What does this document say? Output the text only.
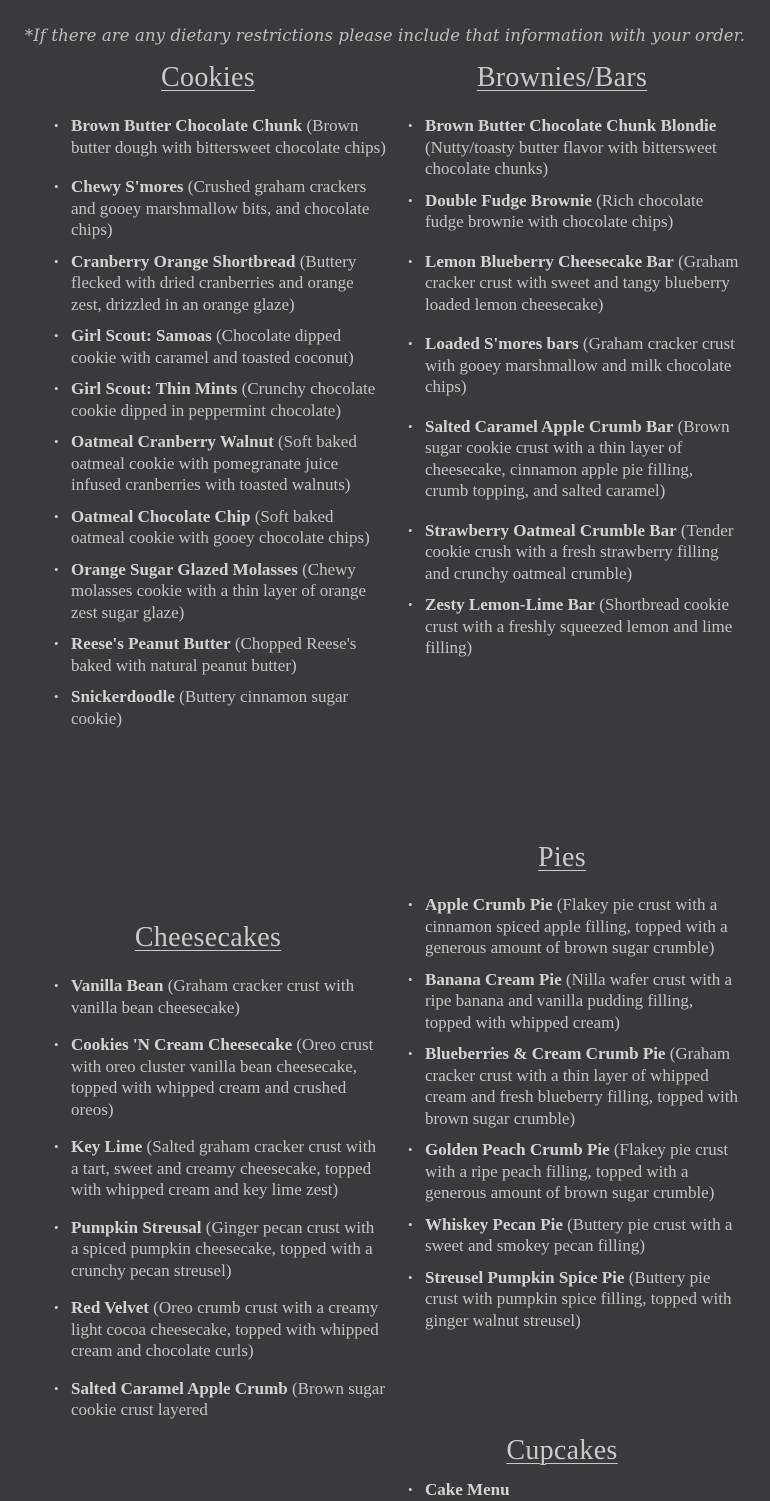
*If there are any dietary restrictions please include that information with your order.
Cookies
• Brown Butter Chocolate Chunk (Brown butter dough with bittersweet chocolate chips)
• Chewy S'mores (Crushed graham crackers and gooey marshmallow bits, and chocolate chips)
• Cranberry Orange Shortbread (Buttery flecked with dried cranberries and orange zest, drizzled in an orange glaze)
• Girl Scout: Samoas (Chocolate dipped cookie with caramel and toasted coconut)
• Girl Scout: Thin Mints (Crunchy chocolate cookie dipped in peppermint chocolate)
• Oatmeal Cranberry Walnut (Soft baked oatmeal cookie with pomegranate juice infused cranberries with toasted walnuts)
• Oatmeal Chocolate Chip (Soft baked oatmeal cookie with gooey chocolate chips)
• Orange Sugar Glazed Molasses (Chewy molasses cookie with a thin layer of orange zest sugar glaze)
• Reese's Peanut Butter (Chopped Reese's baked with natural peanut butter)
• Snickerdoodle (Buttery cinnamon sugar cookie)
Cheesecakes
• Vanilla Bean (Graham cracker crust with vanilla bean cheesecake)
• Cookies 'N Cream Cheesecake (Oreo crust with oreo cluster vanilla bean cheesecake, topped with whipped cream and crushed oreos)
• Key Lime (Salted graham cracker crust with a tart, sweet and creamy cheesecake, topped with whipped cream and key lime zest)
• Pumpkin Streusal (Ginger pecan crust with a spiced pumpkin cheesecake, topped with a crunchy pecan streusel)
• Red Velvet (Oreo crumb crust with a creamy light cocoa cheesecake, topped with whipped cream and chocolate curls)
• Salted Caramel Apple Crumb (Brown sugar cookie crust layered
Brownies/Bars
• Brown Butter Chocolate Chunk Blondie (Nutty/toasty butter flavor with bittersweet chocolate chunks)
• Double Fudge Brownie (Rich chocolate fudge brownie with chocolate chips)
• Lemon Blueberry Cheesecake Bar (Graham cracker crust with sweet and tangy blueberry loaded lemon cheesecake)
• Loaded S'mores bars (Graham cracker crust with gooey marshmallow and milk chocolate chips)
• Salted Caramel Apple Crumb Bar (Brown sugar cookie crust with a thin layer of cheesecake, cinnamon apple pie filling, crumb topping, and salted caramel)
• Strawberry Oatmeal Crumble Bar (Tender cookie crush with a fresh strawberry filling and crunchy oatmeal crumble)
• Zesty Lemon-Lime Bar (Shortbread cookie crust with a freshly squeezed lemon and lime filling)
Pies
• Apple Crumb Pie (Flakey pie crust with a cinnamon spiced apple filling, topped with a generous amount of brown sugar crumble)
• Banana Cream Pie (Nilla wafer crust with a ripe banana and vanilla pudding filling, topped with whipped cream)
• Blueberries & Cream Crumb Pie (Graham cracker crust with a thin layer of whipped cream and fresh blueberry filling, topped with brown sugar crumble)
• Golden Peach Crumb Pie (Flakey pie crust with a ripe peach filling, topped with a generous amount of brown sugar crumble)
• Whiskey Pecan Pie (Buttery pie crust with a sweet and smokey pecan filling)
• Streusel Pumpkin Spice Pie (Buttery pie crust with pumpkin spice filling, topped with ginger walnut streusel)
Cupcakes
• Cake Menu
